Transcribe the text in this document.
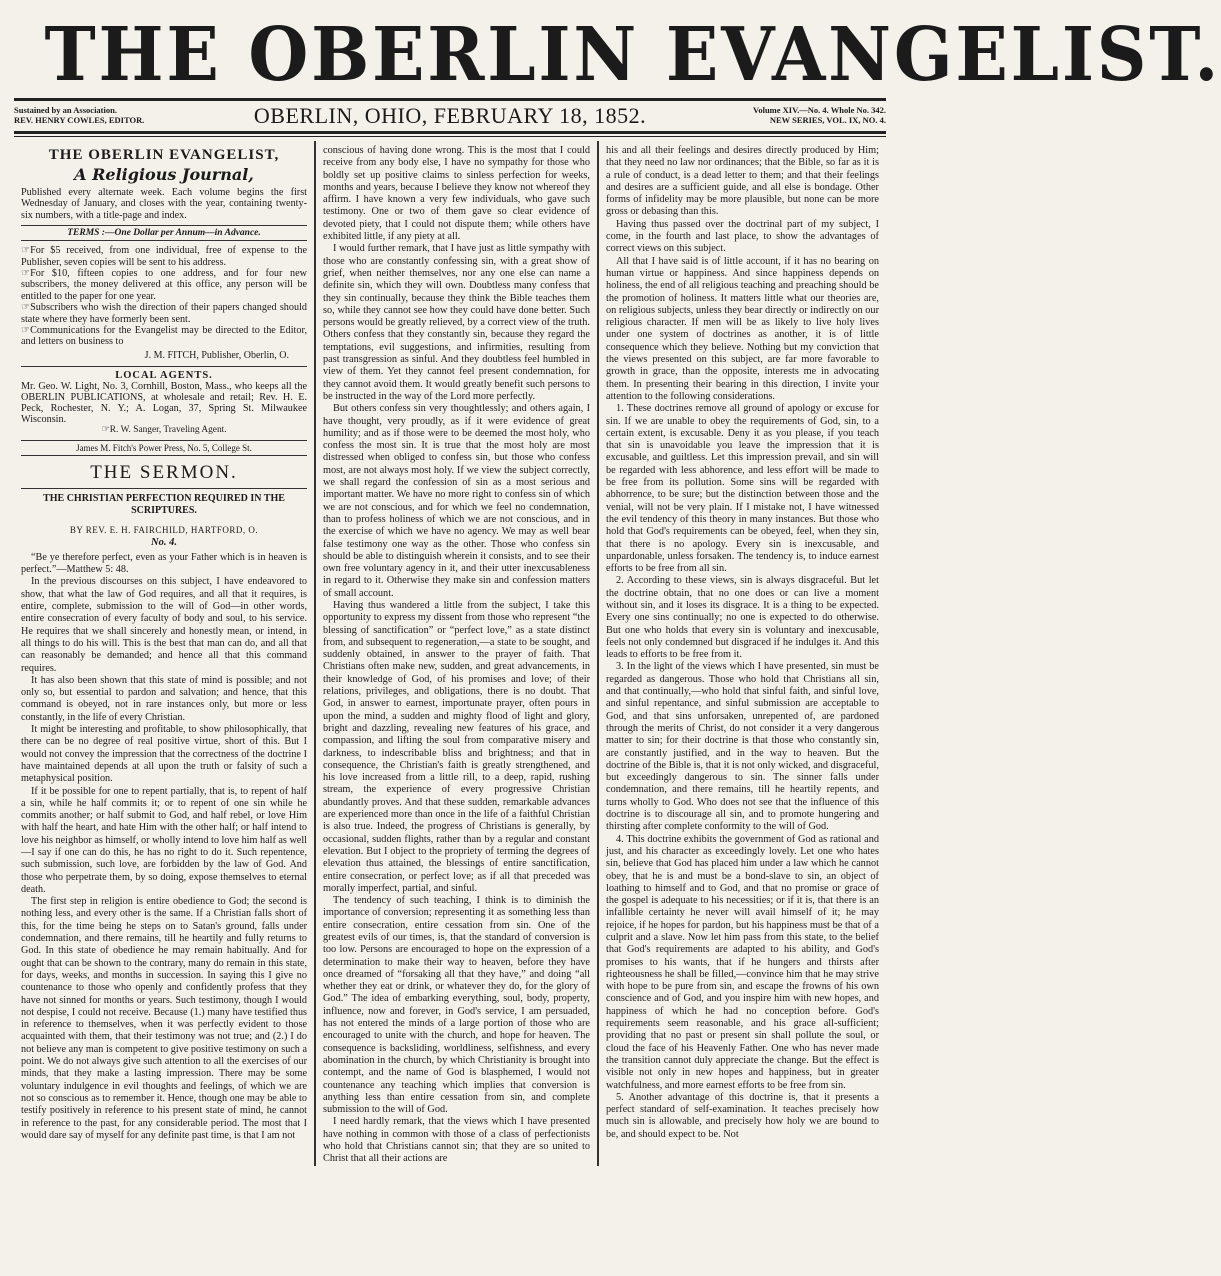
THE OBERLIN EVANGELIST.
Sustained by an Association.
REV. HENRY COWLES, EDITOR.	OBERLIN, OHIO, FEBRUARY 18, 1852.	Volume XIV.—No. 4. Whole No. 342.
NEW SERIES, VOL. IX, NO. 4.
THE OBERLIN EVANGELIST,
A Religious Journal,

Published every alternate week. Each volume begins the first Wednesday of January, and closes with the year, containing twenty-six numbers, with a title-page and index.

TERMS :—One Dollar per Annum—in Advance.

☞For $5 received, from one individual, free of expense to the Publisher, seven copies will be sent to his address.

☞For $10, fifteen copies to one address, and for four new subscribers, the money delivered at this office, any person will be entitled to the paper for one year.

☞Subscribers who wish the direction of their papers changed should state where they have formerly been sent.

☞Communications for the Evangelist may be directed to the Editor, and letters on business to

J. M. FITCH, Publisher, Oberlin, O.
LOCAL AGENTS.

Mr. Geo. W. Light, No. 3, Cornhill, Boston, Mass., who keeps all the OBERLIN PUBLICATIONS, at wholesale and retail; Rev. H. E. Peck, Rochester, N. Y.; A. Logan, 37, Spring St. Milwaukee Wisconsin.

☞R. W. Sanger, Traveling Agent.
James M. Fitch's Power Press, No. 5, College St.
THE SERMON.
THE CHRISTIAN PERFECTION REQUIRED IN THE SCRIPTURES.
BY REV. E. H. FAIRCHILD, HARTFORD, O.
No. 4.

“Be ye therefore perfect, even as your Father which is in heaven is perfect.”—Matthew 5: 48.

In the previous discourses on this subject, I have endeavored to show, that what the law of God requires, and all that it requires, is entire, complete, submission to the will of God—in other words, entire consecration of every faculty of body and soul, to his service. He requires that we shall sincerely and honestly mean, or intend, in all things to do his will. This is the best that man can do, and all that can reasonably be demanded; and hence all that this command requires.

It has also been shown that this state of mind is possible; and not only so, but essential to pardon and salvation; and hence, that this command is obeyed, not in rare instances only, but more or less constantly, in the life of every Christian.

It might be interesting and profitable, to show philosophically, that there can be no degree of real positive virtue, short of this. But I would not convey the impression that the correctness of the doctrine I have maintained depends at all upon the truth or falsity of such a metaphysical position.

If it be possible for one to repent partially, that is, to repent of half a sin, while he half commits it; or to repent of one sin while he commits another; or half submit to God, and half rebel, or love Him with half the heart, and hate Him with the other half; or half intend to love his neighbor as himself, or wholly intend to love him half as well—I say if one can do this, he has no right to do it. Such repentence, such submission, such love, are forbidden by the law of God. And those who perpetrate them, by so doing, expose themselves to eternal death.

The first step in religion is entire obedience to God; the second is nothing less, and every other is the same. If a Christian falls short of this, for the time being he steps on to Satan's ground, falls under condemnation, and there remains, till he heartily and fully returns to God. In this state of obedience he may remain habitually. And for ought that can be shown to the contrary, many do remain in this state, for days, weeks, and months in succession. In saying this I give no countenance to those who openly and confidently profess that they have not sinned for months or years. Such testimony, though I would not despise, I could not receive. Because (1.) many have testified thus in reference to themselves, when it was perfectly evident to those acquainted with them, that their testimony was not true; and (2.) I do not believe any man is competent to give positive testimony on such a point. We do not always give such attention to all the exercises of our minds, that they make a lasting impression. There may be some voluntary indulgence in evil thoughts and feelings, of which we are not so conscious as to remember it. Hence, though one may be able to testify positively in reference to his present state of mind, he cannot in reference to the past, for any considerable period. The most that I would dare say of myself for any definite past time, is that I am not

conscious of having done wrong. This is the most that I could receive from any body else, I have no sympathy for those who boldly set up positive claims to sinless perfection for weeks, months and years, because I believe they know not whereof they affirm. I have known a very few individuals, who gave such testimony. One or two of them gave so clear evidence of devoted piety, that I could not dispute them; while others have exhibited little, if any piety at all.

I would further remark, that I have just as little sympathy with those who are constantly confessing sin, with a great show of grief, when neither themselves, nor any one else can name a definite sin, which they will own. Doubtless many confess that they sin continually, because they think the Bible teaches them so, while they cannot see how they could have done better. Such persons would be greatly relieved, by a correct view of the truth. Others confess that they constantly sin, because they regard the temptations, evil suggestions, and infirmities, resulting from past transgression as sinful. And they doubtless feel humbled in view of them. Yet they cannot feel present condemnation, for they cannot avoid them. It would greatly benefit such persons to be instructed in the way of the Lord more perfectly.

But others confess sin very thoughtlessly; and others again, I have thought, very proudly, as if it were evidence of great humility; and as if those were to be deemed the most holy, who confess the most sin. It is true that the most holy are most distressed when obliged to confess sin, but those who confess most, are not always most holy. If we view the subject correctly, we shall regard the confession of sin as a most serious and important matter. We have no more right to confess sin of which we are not conscious, and for which we feel no condemnation, than to profess holiness of which we are not conscious, and in the exercise of which we have no agency. We may as well bear false testimony one way as the other. Those who confess sin should be able to distinguish wherein it consists, and to see their own free voluntary agency in it, and their utter inexcusableness in regard to it. Otherwise they make sin and confession matters of small account.

Having thus wandered a little from the subject, I take this opportunity to express my dissent from those who represent “the blessing of sanctification” or “perfect love,” as a state distinct from, and subsequent to regeneration,—a state to be sought, and suddenly obtained, in answer to the prayer of faith. That Christians often make new, sudden, and great advancements, in their knowledge of God, of his promises and love; of their relations, privileges, and obligations, there is no doubt. That God, in answer to earnest, importunate prayer, often pours in upon the mind, a sudden and mighty flood of light and glory, bright and dazzling, revealing new features of his grace, and compassion, and lifting the soul from comparative misery and darkness, to indescribable bliss and brightness; and that in consequence, the Christian's faith is greatly strengthened, and his love increased from a little rill, to a deep, rapid, rushing stream, the experience of every progressive Christian abundantly proves. And that these sudden, remarkable advances are experienced more than once in the life of a faithful Christian is also true. Indeed, the progress of Christians is generally, by occasional, sudden flights, rather than by a regular and constant elevation. But I object to the propriety of terming the degrees of elevation thus attained, the blessings of entire sanctification, entire consecration, or perfect love; as if all that preceded was morally imperfect, partial, and sinful.

The tendency of such teaching, I think is to diminish the importance of conversion; representing it as something less than entire consecration, entire cessation from sin. One of the greatest evils of our times, is, that the standard of conversion is too low. Persons are encouraged to hope on the expression of a determination to make their way to heaven, before they have once dreamed of “forsaking all that they have,” and doing “all whether they eat or drink, or whatever they do, for the glory of God.” The idea of embarking everything, soul, body, property, influence, now and forever, in God's service, I am persuaded, has not entered the minds of a large portion of those who are encouraged to unite with the church, and hope for heaven. The consequence is backsliding, worldliness, selfishness, and every abomination in the church, by which Christianity is brought into contempt, and the name of God is blasphemed, I would not countenance any teaching which implies that conversion is anything less than entire cessation from sin, and complete submission to the will of God.

I need hardly remark, that the views which I have presented have nothing in common with those of a class of perfectionists who hold that Christians cannot sin; that they are so united to Christ that all their actions are

his and all their feelings and desires directly produced by Him; that they need no law nor ordinances; that the Bible, so far as it is a rule of conduct, is a dead letter to them; and that their feelings and desires are a sufficient guide, and all else is bondage. Other forms of infidelity may be more plausible, but none can be more gross or debasing than this.

Having thus passed over the doctrinal part of my subject, I come, in the fourth and last place, to show the advantages of correct views on this subject.

All that I have said is of little account, if it has no bearing on human virtue or happiness. And since happiness depends on holiness, the end of all religious teaching and preaching should be the promotion of holiness. It matters little what our theories are, on religious subjects, unless they bear directly or indirectly on our religious character. If men will be as likely to live holy lives under one system of doctrines as another, it is of little consequence which they believe. Nothing but my conviction that the views presented on this subject, are far more favorable to growth in grace, than the opposite, interests me in advocating them. In presenting their bearing in this direction, I invite your attention to the following considerations.

1. These doctrines remove all ground of apology or excuse for sin. If we are unable to obey the requirements of God, sin, to a certain extent, is excusable. Deny it as you please, if you teach that sin is unavoidable you leave the impression that it is excusable, and guiltless. Let this impression prevail, and sin will be regarded with less abhorence, and less effort will be made to be free from its pollution. Some sins will be regarded with abhorrence, to be sure; but the distinction between those and the venial, will not be very plain. If I mistake not, I have witnessed the evil tendency of this theory in many instances. But those who hold that God's requirements can be obeyed, feel, when they sin, that there is no apology. Every sin is inexcusable, and unpardonable, unless forsaken. The tendency is, to induce earnest efforts to be free from all sin.

2. According to these views, sin is always disgraceful. But let the doctrine obtain, that no one does or can live a moment without sin, and it loses its disgrace. It is a thing to be expected. Every one sins continually; no one is expected to do otherwise. But one who holds that every sin is voluntary and inexcusable, feels not only condemned but disgraced if he indulges it. And this leads to efforts to be free from it.

3. In the light of the views which I have presented, sin must be regarded as dangerous. Those who hold that Christians all sin, and that continually,—who hold that sinful faith, and sinful love, and sinful repentance, and sinful submission are acceptable to God, and that sins unforsaken, unrepented of, are pardoned through the merits of Christ, do not consider it a very dangerous matter to sin; for their doctrine is that those who constantly sin, are constantly justified, and in the way to heaven. But the doctrine of the Bible is, that it is not only wicked, and disgraceful, but exceedingly dangerous to sin. The sinner falls under condemnation, and there remains, till he heartily repents, and turns wholly to God. Who does not see that the influence of this doctrine is to discourage all sin, and to promote hungering and thirsting after complete conformity to the will of God.

4. This doctrine exhibits the government of God as rational and just, and his character as exceedingly lovely. Let one who hates sin, believe that God has placed him under a law which he cannot obey, that he is and must be a bond-slave to sin, an object of loathing to himself and to God, and that no promise or grace of the gospel is adequate to his necessities; or if it is, that there is an infallible certainty he never will avail himself of it; he may rejoice, if he hopes for pardon, but his happiness must be that of a culprit and a slave. Now let him pass from this state, to the belief that God's requirements are adapted to his ability, and God's promises to his wants, that if he hungers and thirsts after righteousness he shall be filled,—convince him that he may strive with hope to be pure from sin, and escape the frowns of his own conscience and of God, and you inspire him with new hopes, and happiness of which he had no conception before. God's requirements seem reasonable, and his grace all-sufficient; providing that no past or present sin shall pollute the soul, or cloud the face of his Heavenly Father. One who has never made the transition cannot duly appreciate the change. But the effect is visible not only in new hopes and happiness, but in greater watchfulness, and more earnest efforts to be free from sin.

5. Another advantage of this doctrine is, that it presents a perfect standard of self-examination. It teaches precisely how much sin is allowable, and precisely how holy we are bound to be, and should expect to be. Not
